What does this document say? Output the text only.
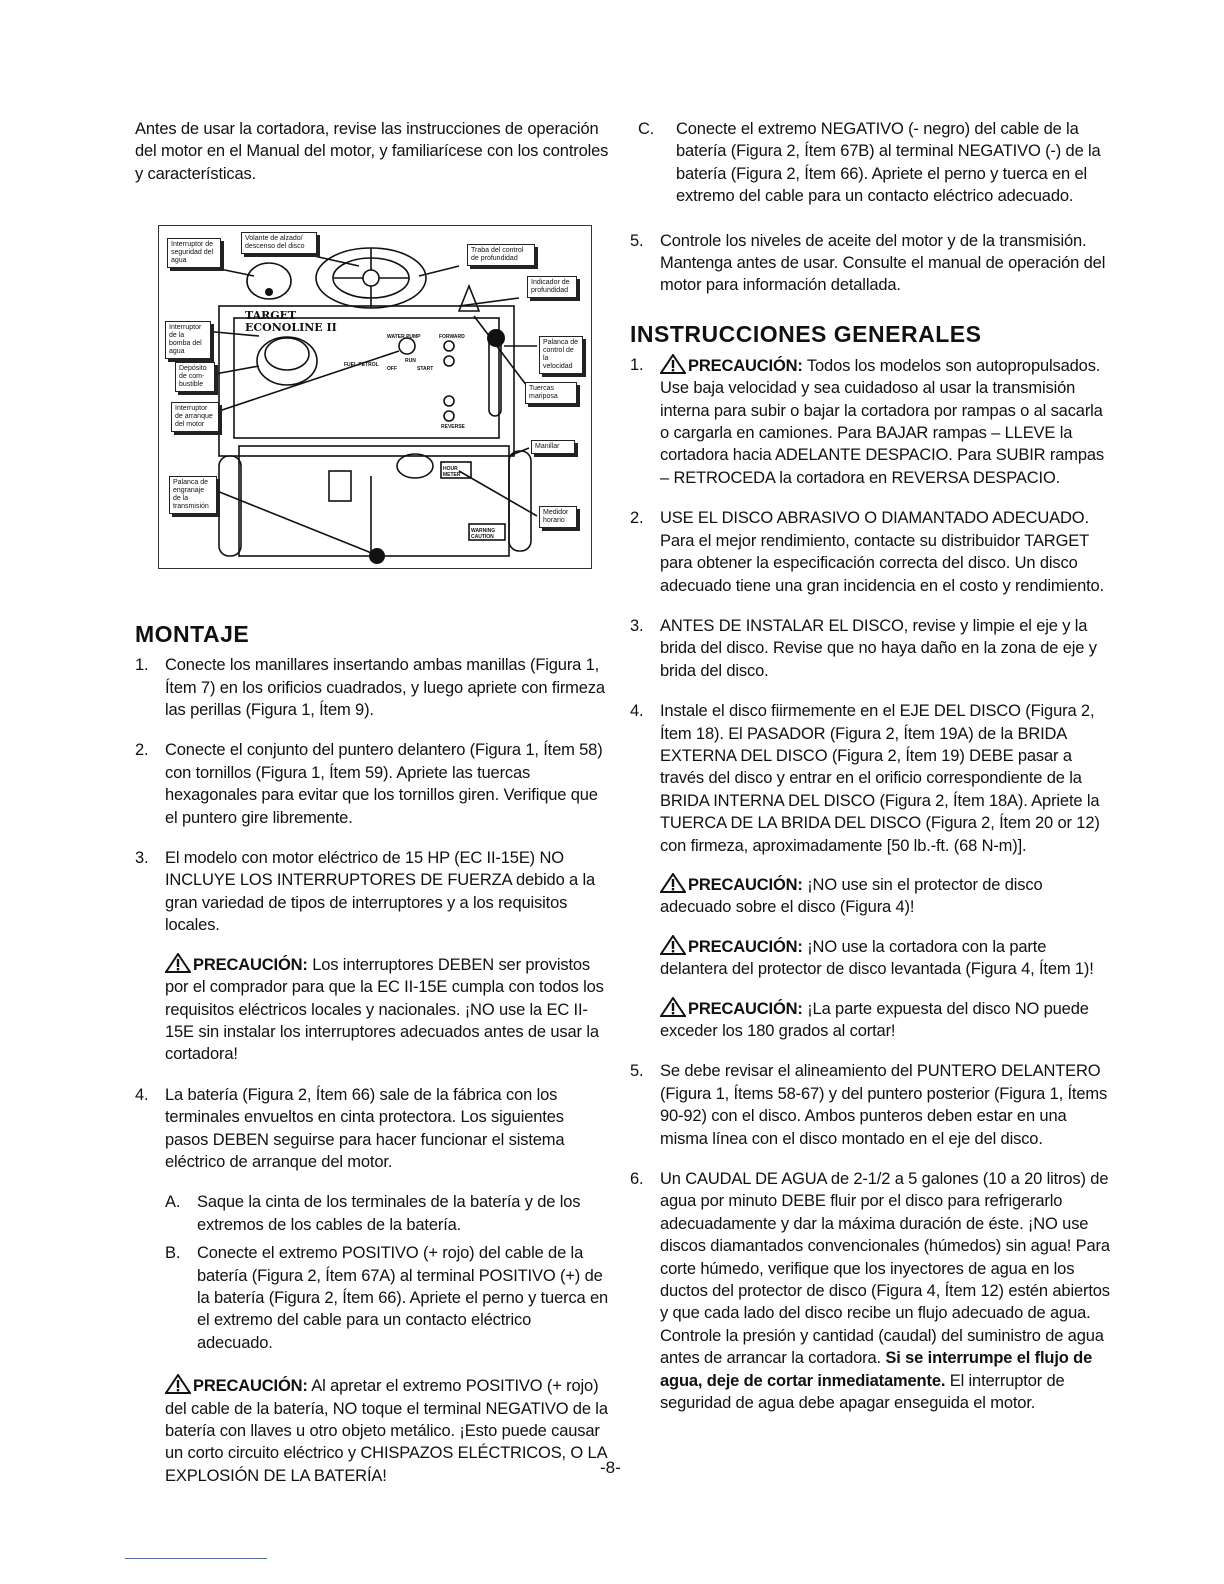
Antes de usar la cortadora, revise las instrucciones de operación del motor en el Manual del motor, y familiarícese con los controles y características.

TARGET
ECONOLINE II
WATER PUMP
FUEL PETROL
OFF
RUN
START
FORWARD
REVERSE
HOUR METER
WARNING CAUTION
Interruptor de seguridad del agua
Volante de alzado/ descenso del disco
Traba del control de profundidad
Indicador de profundidad
Interruptor de la bomba del agua
Palanca de control de la velocidad
Depósito de com-bustible
Tuercas mariposa
Interruptor de arranque del motor
Manillar
Palanca de engranaje de la transmisión
Medidor horario
MONTAJE
1.	Conecte los manillares insertando ambas manillas (Figura 1, Ítem 7) en los orificios cuadrados, y luego apriete con firmeza las perillas (Figura 1, Ítem 9).
2.	Conecte el conjunto del puntero delantero (Figura 1, Ítem 58) con tornillos (Figura 1, Ítem 59). Apriete las tuercas hexagonales para evitar que los tornillos giren. Verifique que el puntero gire libremente.
3.	El modelo con motor eléctrico de 15 HP (EC II-15E) NO INCLUYE LOS INTERRUPTORES DE FUERZA debido a la gran variedad de tipos de interruptores y a los requisitos locales.

PRECAUCIÓN: Los interruptores DEBEN ser provistos por el comprador para que la EC II-15E cumpla con todos los requisitos eléctricos locales y nacionales. ¡NO use la EC II-15E sin instalar los interruptores adecuados antes de usar la cortadora!

4.	La batería (Figura 2, Ítem 66) sale de la fábrica con los terminales envueltos en cinta protectora. Los siguientes pasos DEBEN seguirse para hacer funcionar el sistema eléctrico de arranque del motor.
A.	Saque la cinta de los terminales de la batería y de los extremos de los cables de la batería.
B.	Conecte el extremo POSITIVO (+ rojo) del cable de la batería (Figura 2, Ítem 67A) al terminal POSITIVO (+) de la batería (Figura 2, Ítem 66). Apriete el perno y tuerca en el extremo del cable para un contacto eléctrico adecuado.

PRECAUCIÓN: Al apretar el extremo POSITIVO (+ rojo) del cable de la batería, NO toque el terminal NEGATIVO de la batería con llaves u otro objeto metálico. ¡Esto puede causar un corto circuito eléctrico y CHISPAZOS ELÉCTRICOS, O LA EXPLOSIÓN DE LA BATERÍA!

C.	Conecte el extremo NEGATIVO (- negro) del cable de la batería (Figura 2, Ítem 67B) al terminal NEGATIVO (-) de la batería (Figura 2, Ítem 66). Apriete el perno y tuerca en el extremo del cable para un contacto eléctrico adecuado.
5.	Controle los niveles de aceite del motor y de la transmisión. Mantenga antes de usar. Consulte el manual de operación del motor para información detallada.
INSTRUCCIONES GENERALES
1.	PRECAUCIÓN: Todos los modelos son autopropulsados. Use baja velocidad y sea cuidadoso al usar la transmisión interna para subir o bajar la cortadora por rampas o al sacarla o cargarla en camiones. Para BAJAR rampas – LLEVE la cortadora hacia ADELANTE DESPACIO. Para SUBIR rampas – RETROCEDA la cortadora en REVERSA DESPACIO.
2.	USE EL DISCO ABRASIVO O DIAMANTADO ADECUADO. Para el mejor rendimiento, contacte su distribuidor TARGET para obtener la especificación correcta del disco. Un disco adecuado tiene una gran incidencia en el costo y rendimiento.
3.	ANTES DE INSTALAR EL DISCO, revise y limpie el eje y la brida del disco. Revise que no haya daño en la zona de eje y brida del disco.
4.	Instale el disco fiirmemente en el EJE DEL DISCO (Figura 2, Ítem 18). El PASADOR (Figura 2, Ítem 19A) de la BRIDA EXTERNA DEL DISCO (Figura 2, Ítem 19) DEBE pasar a través del disco y entrar en el orificio correspondiente de la BRIDA INTERNA DEL DISCO (Figura 2, Ítem 18A). Apriete la TUERCA DE LA BRIDA DEL DISCO (Figura 2, Ítem 20 or 12) con firmeza, aproximadamente [50 lb.-ft. (68 N-m)].

PRECAUCIÓN: ¡NO use sin el protector de disco adecuado sobre el disco (Figura 4)!

PRECAUCIÓN: ¡NO use la cortadora con la parte delantera del protector de disco levantada (Figura 4, Ítem 1)!

PRECAUCIÓN: ¡La parte expuesta del disco NO puede exceder los 180 grados al cortar!

5.	Se debe revisar el alineamiento del PUNTERO DELANTERO (Figura 1, Ítems 58-67) y del puntero posterior (Figura 1, Ítems 90-92) con el disco. Ambos punteros deben estar en una misma línea con el disco montado en el eje del disco.
6.	Un CAUDAL DE AGUA de 2-1/2 a 5 galones (10 a 20 litros) de agua por minuto DEBE fluir por el disco para refrigerarlo adecuadamente y dar la máxima duración de éste. ¡NO use discos diamantados convencionales (húmedos) sin agua! Para corte húmedo, verifique que los inyectores de agua en los ductos del protector de disco (Figura 4, Ítem 12) estén abiertos y que cada lado del disco recibe un flujo adecuado de agua. Controle la presión y cantidad (caudal) del suministro de agua antes de arrancar la cortadora. Si se interrumpe el flujo de agua, deje de cortar inmediatamente. El interruptor de seguridad de agua debe apagar enseguida el motor.
-8-
